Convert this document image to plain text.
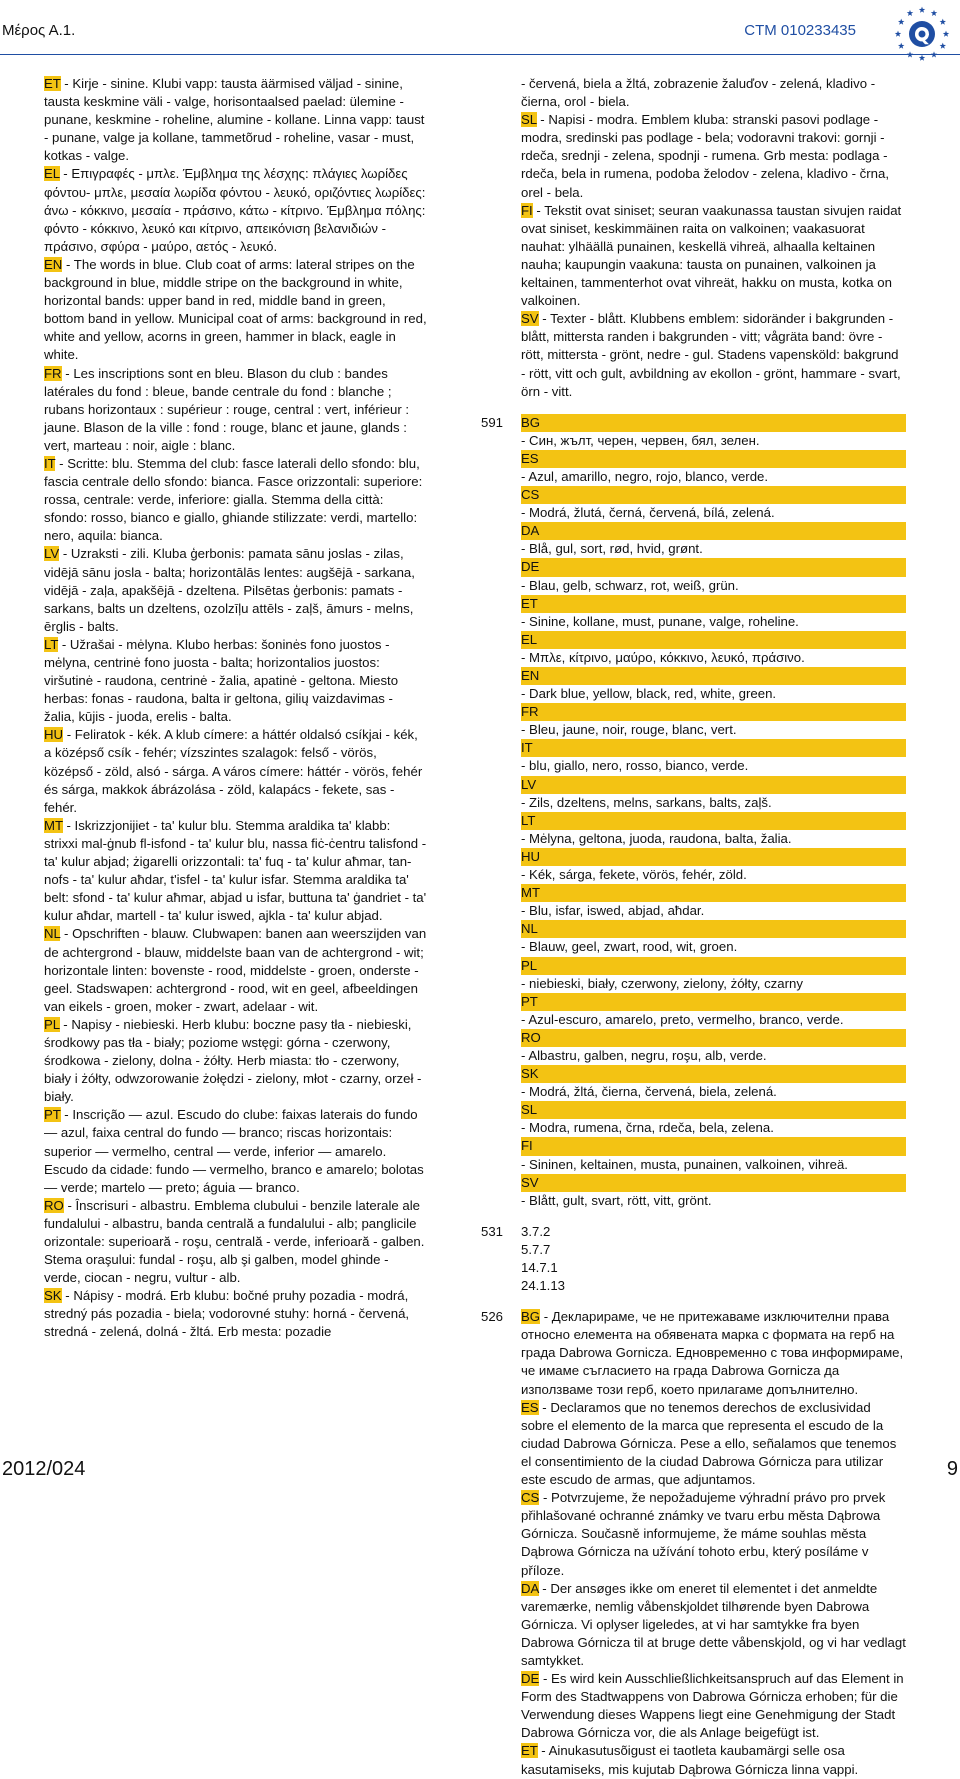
Μέρος Α.1.	CTM 010233435

ET - Kirje - sinine. Klubi vapp: tausta äärmised väljad - sinine, tausta keskmine väli - valge, horisontaalsed paelad: ülemine - punane, keskmine - roheline, alumine - kollane. Linna vapp: taust - punane, valge ja kollane, tammetõrud - roheline, vasar - must, kotkas - valge.

EL - Επιγραφές - μπλε. Έμβλημα της λέσχης: πλάγιες λωρίδες φόντου- μπλε, μεσαία λωρίδα φόντου - λευκό, οριζόντιες λωρίδες: άνω - κόκκινο, μεσαία - πράσινο, κάτω - κίτρινο. Έμβλημα πόλης: φόντο - κόκκινο, λευκό και κίτρινο, απεικόνιση βελανιδιών - πράσινο, σφύρα - μαύρο, αετός - λευκό.

EN - The words in blue. Club coat of arms: lateral stripes on the background in blue, middle stripe on the background in white, horizontal bands: upper band in red, middle band in green, bottom band in yellow. Municipal coat of arms: background in red, white and yellow, acorns in green, hammer in black, eagle in white.

FR - Les inscriptions sont en bleu. Blason du club : bandes latérales du fond : bleue, bande centrale du fond : blanche ; rubans horizontaux : supérieur : rouge, central : vert, inférieur : jaune. Blason de la ville : fond : rouge, blanc et jaune, glands : vert, marteau : noir, aigle : blanc.

IT - Scritte: blu. Stemma del club: fasce laterali dello sfondo: blu, fascia centrale dello sfondo: bianca. Fasce orizzontali: superiore: rossa, centrale: verde, inferiore: gialla. Stemma della città: sfondo: rosso, bianco e giallo, ghiande stilizzate: verdi, martello: nero, aquila: bianca.

LV - Uzraksti - zili. Kluba ģerbonis: pamata sānu joslas - zilas, vidējā sānu josla - balta; horizontālās lentes: augšējā - sarkana, vidējā - zaļa, apakšējā - dzeltena. Pilsētas ģerbonis: pamats - sarkans, balts un dzeltens, ozolzīļu attēls - zaļš, āmurs - melns, ērglis - balts.

LT - Užrašai - mėlyna. Klubo herbas: šoninės fono juostos - mėlyna, centrinė fono juosta - balta; horizontalios juostos: viršutinė - raudona, centrinė - žalia, apatinė - geltona. Miesto herbas: fonas - raudona, balta ir geltona, gilių vaizdavimas - žalia, kūjis - juoda, erelis - balta.

HU - Feliratok - kék. A klub címere: a háttér oldalsó csíkjai - kék, a középső csík - fehér; vízszintes szalagok: felső - vörös, középső - zöld, alsó - sárga. A város címere: háttér - vörös, fehér és sárga, makkok ábrázolása - zöld, kalapács - fekete, sas - fehér.

MT - Iskrizzjonijiet - ta' kulur blu. Stemma araldika ta' klabb: strixxi mal-ġnub fl-isfond - ta' kulur blu, nassa fiċ-ċentru talisfond - ta' kulur abjad; żigarelli orizzontali: ta' fuq - ta' kulur aħmar, tan-nofs - ta' kulur aħdar, t'isfel - ta' kulur isfar. Stemma araldika ta' belt: sfond - ta' kulur aħmar, abjad u isfar, buttuna ta' ġandriet - ta' kulur aħdar, martell - ta' kulur iswed, ajkla - ta' kulur abjad.

NL - Opschriften - blauw. Clubwapen: banen aan weerszijden van de achtergrond - blauw, middelste baan van de achtergrond - wit; horizontale linten: bovenste - rood, middelste - groen, onderste - geel. Stadswapen: achtergrond - rood, wit en geel, afbeeldingen van eikels - groen, moker - zwart, adelaar - wit.

PL - Napisy - niebieski. Herb klubu: boczne pasy tła - niebieski, środkowy pas tła - biały; poziome wstęgi: górna - czerwony, środkowa - zielony, dolna - żółty. Herb miasta: tło - czerwony, biały i żółty, odwzorowanie żołędzi - zielony, młot - czarny, orzeł - biały.

PT - Inscrição — azul. Escudo do clube: faixas laterais do fundo — azul, faixa central do fundo — branco; riscas horizontais: superior — vermelho, central — verde, inferior — amarelo. Escudo da cidade: fundo — vermelho, branco e amarelo; bolotas — verde; martelo — preto; águia — branco.

RO - Înscrisuri - albastru. Emblema clubului - benzile laterale ale fundalului - albastru, banda centrală a fundalului - alb; panglicile orizontale: superioară - roşu, centrală - verde, inferioară - galben. Stema oraşului: fundal - roşu, alb şi galben, model ghinde - verde, ciocan - negru, vultur - alb.

SK - Nápisy - modrá. Erb klubu: bočné pruhy pozadia - modrá, stredný pás pozadia - biela; vodorovné stuhy: horná - červená, stredná - zelená, dolná - žltá. Erb mesta: pozadie

- červená, biela a žltá, zobrazenie žaluďov - zelená, kladivo - čierna, orol - biela.

SL - Napisi - modra. Emblem kluba: stranski pasovi podlage - modra, sredinski pas podlage - bela; vodoravni trakovi: gornji - rdeča, srednji - zelena, spodnji - rumena. Grb mesta: podlaga - rdeča, bela in rumena, podoba želodov - zelena, kladivo - črna, orel - bela.

FI - Tekstit ovat siniset; seuran vaakunassa taustan sivujen raidat ovat siniset, keskimmäinen raita on valkoinen; vaakasuorat nauhat: ylhäällä punainen, keskellä vihreä, alhaalla keltainen nauha; kaupungin vaakuna: tausta on punainen, valkoinen ja keltainen, tammenterhot ovat vihreät, hakku on musta, kotka on valkoinen.

SV - Texter - blått. Klubbens emblem: sidoränder i bakgrunden - blått, mittersta randen i bakgrunden - vitt; vågräta band: övre - rött, mittersta - grönt, nedre - gul. Stadens vapensköld: bakgrund - rött, vitt och gult, avbildning av ekollon - grönt, hammare - svart, örn - vitt.

591 BG
- Син, жълт, черен, червен, бял, зелен.
ES
- Azul, amarillo, negro, rojo, blanco, verde.
CS
- Modrá, žlutá, černá, červená, bílá, zelená.
DA
- Blå, gul, sort, rød, hvid, grønt.
DE
- Blau, gelb, schwarz, rot, weiß, grün.
ET
- Sinine, kollane, must, punane, valge, roheline.
EL
- Μπλε, κίτρινο, μαύρο, κόκκινο, λευκό, πράσινο.
EN
- Dark blue, yellow, black, red, white, green.
FR
- Bleu, jaune, noir, rouge, blanc, vert.
IT
- blu, giallo, nero, rosso, bianco, verde.
LV
- Zils, dzeltens, melns, sarkans, balts, zaļš.
LT
- Mėlyna, geltona, juoda, raudona, balta, žalia.
HU
- Kék, sárga, fekete, vörös, fehér, zöld.
MT
- Blu, isfar, iswed, abjad, aħdar.
NL
- Blauw, geel, zwart, rood, wit, groen.
PL
- niebieski, biały, czerwony, zielony, żółty, czarny
PT
- Azul-escuro, amarelo, preto, vermelho, branco, verde.
RO
- Albastru, galben, negru, roşu, alb, verde.
SK
- Modrá, žltá, čierna, červená, biela, zelená.
SL
- Modra, rumena, črna, rdeča, bela, zelena.
FI
- Sininen, keltainen, musta, punainen, valkoinen, vihreä.
SV
- Blått, gult, svart, rött, vitt, grönt.
531 3.7.2
5.7.7
14.7.1
24.1.13
526 BG - Декларираме, че не притежаваме изключителни права относно елемента на обявената марка с формата на герб на града Dabrowa Gornicza. Едновременно с това информираме, че имаме съгласието на града Dabrowa Gornicza да използваме този герб, което прилагаме допълнително.

ES - Declaramos que no tenemos derechos de exclusividad sobre el elemento de la marca que representa el escudo de la ciudad Dabrowa Górnicza. Pese a ello, señalamos que tenemos el consentimiento de la ciudad Dabrowa Górnicza para utilizar este escudo de armas, que adjuntamos.

CS - Potvrzujeme, že nepožadujeme výhradní právo pro prvek přihlašované ochranné známky ve tvaru erbu města Dąbrowa Górnicza. Současně informujeme, že máme souhlas města Dąbrowa Górnicza na užívání tohoto erbu, který posíláme v příloze.

DA - Der ansøges ikke om eneret til elementet i det anmeldte varemærke, nemlig våbenskjoldet tilhørende byen Dabrowa Górnicza. Vi oplyser ligeledes, at vi har samtykke fra byen Dabrowa Górnicza til at bruge dette våbenskjold, og vi har vedlagt samtykket.

DE - Es wird kein Ausschließlichkeitsanspruch auf das Element in Form des Stadtwappens von Dabrowa Górnicza erhoben; für die Verwendung dieses Wappens liegt eine Genehmigung der Stadt Dabrowa Górnicza vor, die als Anlage beigefügt ist.

ET - Ainukasutusõigust ei taotleta kaubamärgi selle osa kasutamiseks, mis kujutab Dąbrowa Górnicza linna vappi.

2012/024	9
